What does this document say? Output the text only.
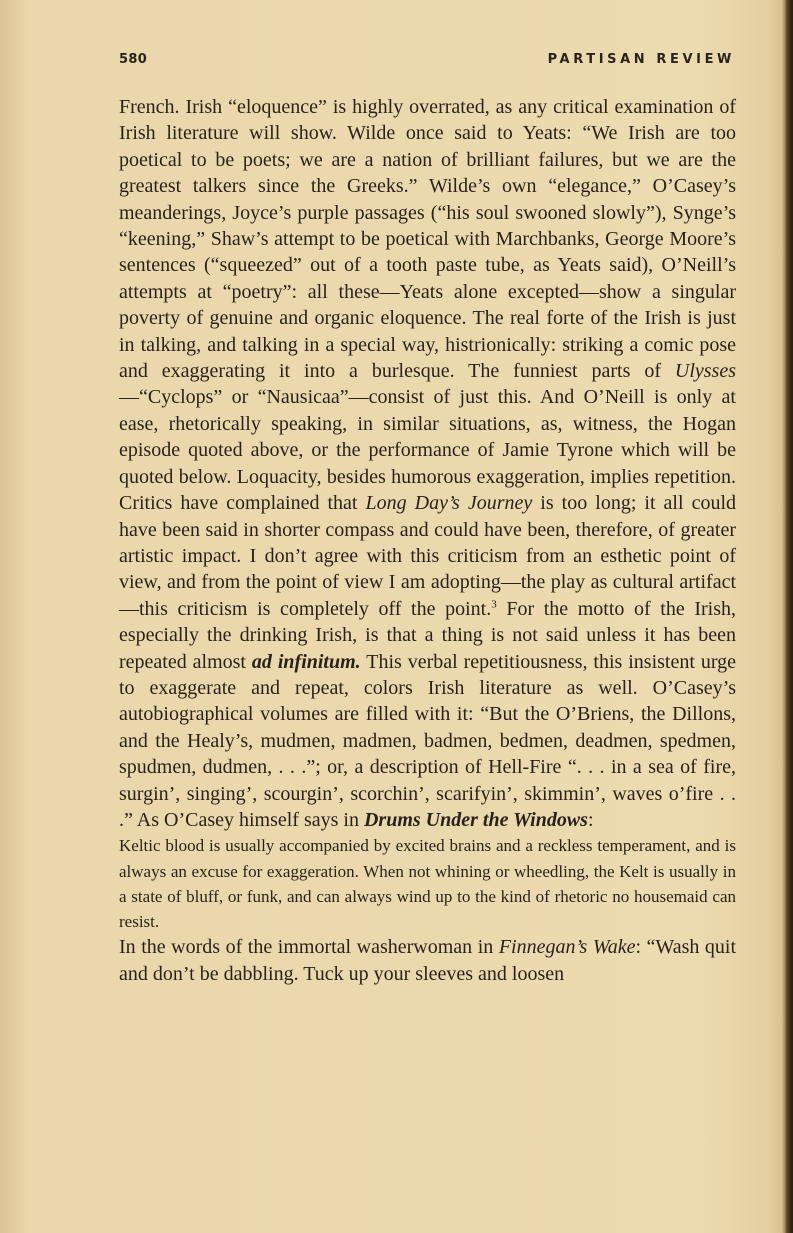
580	PARTISAN REVIEW

French. Irish “eloquence” is highly overrated, as any critical examination of Irish literature will show. Wilde once said to Yeats: “We Irish are too poetical to be poets; we are a nation of brilliant failures, but we are the greatest talkers since the Greeks.” Wilde’s own “elegance,” O’Casey’s meanderings, Joyce’s purple passages (“his soul swooned slowly”), Synge’s “keening,” Shaw’s attempt to be poetical with Marchbanks, George Moore’s sentences (“squeezed” out of a tooth paste tube, as Yeats said), O’Neill’s attempts at “poetry”: all these—Yeats alone excepted—show a singular poverty of genuine and organic eloquence. The real forte of the Irish is just in talking, and talking in a special way, histrionically: striking a comic pose and exaggerating it into a burlesque. The funniest parts of Ulysses—“Cyclops” or “Nausicaa”—consist of just this. And O’Neill is only at ease, rhetorically speaking, in similar situations, as, witness, the Hogan episode quoted above, or the performance of Jamie Tyrone which will be quoted below. Loquacity, besides humorous exaggeration, implies repetition. Critics have complained that Long Day’s Journey is too long; it all could have been said in shorter compass and could have been, therefore, of greater artistic impact. I don’t agree with this criticism from an esthetic point of view, and from the point of view I am adopting—the play as cultural artifact—this criticism is completely off the point.$^3$ For the motto of the Irish, especially the drinking Irish, is that a thing is not said unless it has been repeated almost ad infinitum. This verbal repetitiousness, this insistent urge to exaggerate and repeat, colors Irish literature as well. O’Casey’s autobiographical volumes are filled with it: “But the O’Briens, the Dillons, and the Healy’s, mudmen, madmen, badmen, bedmen, deadmen, spedmen, spudmen, dudmen, . . .”; or, a description of Hell-Fire “. . . in a sea of fire, surgin’, singing’, scourgin’, scorchin’, scarifyin’, skimmin’, waves o’fire . . .” As O’Casey himself says in Drums Under the Windows:

Keltic blood is usually accompanied by excited brains and a reckless temperament, and is always an excuse for exaggeration. When not whining or wheedling, the Kelt is usually in a state of bluff, or funk, and can always wind up to the kind of rhetoric no housemaid can resist.

In the words of the immortal washerwoman in Finnegan’s Wake: “Wash quit and don’t be dabbling. Tuck up your sleeves and loosen
